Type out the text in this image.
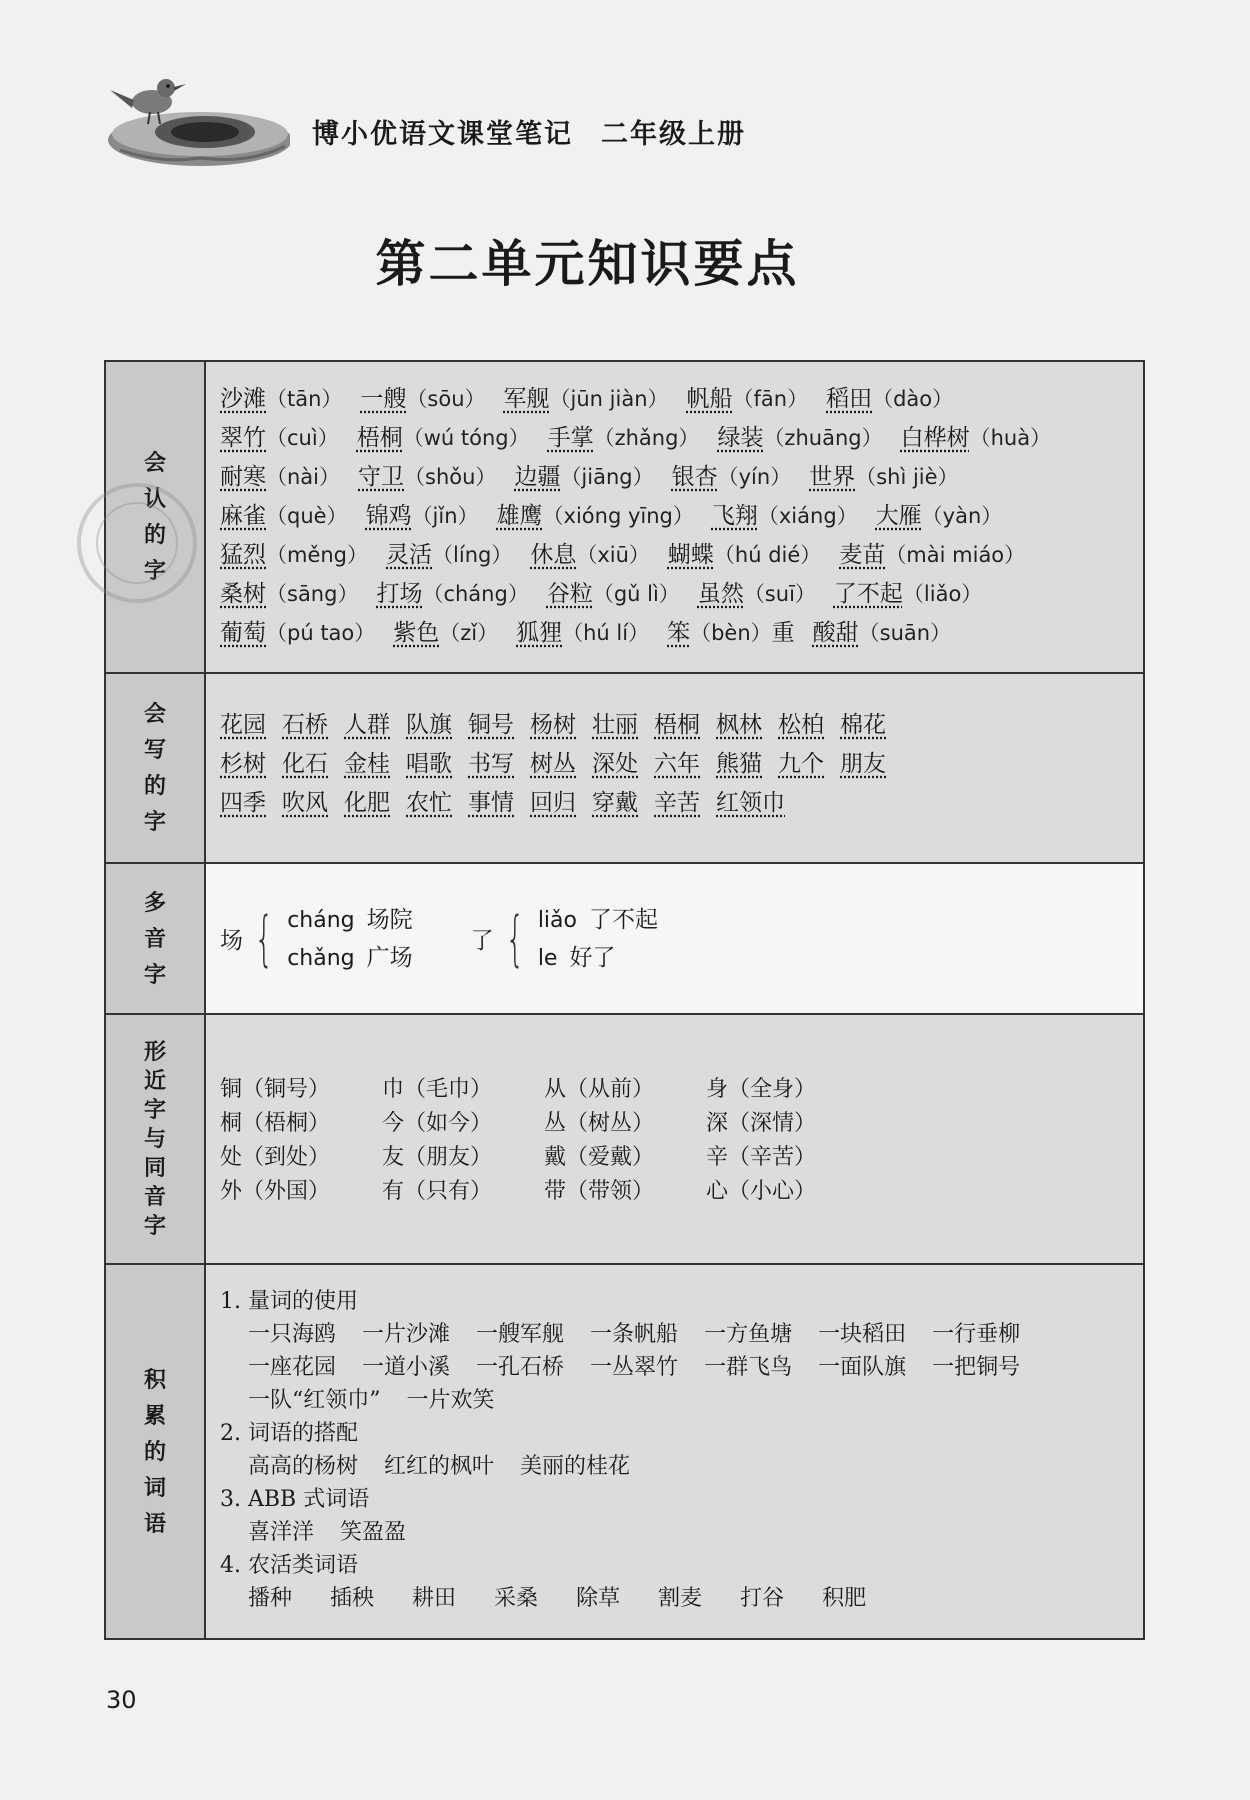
博小优语文课堂笔记 二年级上册
第二单元知识要点
会
认
的
字
沙滩（tān） 一艘（sōu） 军舰（jūn jiàn） 帆船（fān） 稻田（dào）
翠竹（cuì） 梧桐（wú tóng） 手掌（zhǎng） 绿装（zhuāng） 白桦树（huà）
耐寒（nài） 守卫（shǒu） 边疆（jiāng） 银杏（yín） 世界（shì jiè）
麻雀（què） 锦鸡（jǐn） 雄鹰（xióng yīng） 飞翔（xiáng） 大雁（yàn）
猛烈（měng） 灵活（líng） 休息（xiū） 蝴蝶（hú dié） 麦苗（mài miáo）
桑树（sāng） 打场（cháng） 谷粒（gǔ lì） 虽然（suī） 了不起（liǎo）
葡萄（pú tao） 紫色（zǐ） 狐狸（hú lí） 笨（bèn）重 酸甜（suān）
会
写
的
字
花园 石桥 人群 队旗 铜号 杨树 壮丽 梧桐 枫林 松柏 棉花
杉树 化石 金桂 唱歌 书写 树丛 深处 六年 熊猫 九个 朋友
四季 吹风 化肥 农忙 事情 回归 穿戴 辛苦 红领巾
多
音
字
场 { cháng 场院
chǎng 广场
了 { liǎo 了不起
le 好了
形
近
字
与
同
音
字
铜（铜号） 巾（毛巾） 从（从前） 身（全身）
桐（梧桐） 今（如今） 丛（树丛） 深（深情）
处（到处） 友（朋友） 戴（爱戴） 辛（辛苦）
外（外国） 有（只有） 带（带领） 心（小心）
积
累
的
词
语
1. 量词的使用
一只海鸥 一片沙滩 一艘军舰 一条帆船 一方鱼塘 一块稻田 一行垂柳
一座花园 一道小溪 一孔石桥 一丛翠竹 一群飞鸟 一面队旗 一把铜号
一队“红领巾” 一片欢笑
2. 词语的搭配
高高的杨树 红红的枫叶 美丽的桂花
3. ABB 式词语
喜洋洋 笑盈盈
4. 农活类词语
播种 插秧 耕田 采桑 除草 割麦 打谷 积肥
30
